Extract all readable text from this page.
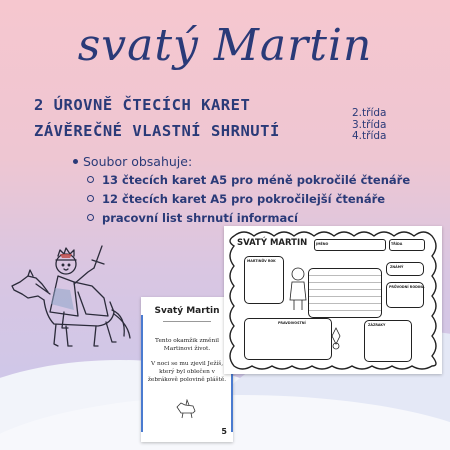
svatý Martin
2 ÚROVNĚ ČTECÍCH KARET
ZÁVĚREČNÉ VLASTNÍ SHRNUTÍ
2.třída
3.třída
4.třída
Soubor obsahuje:
13 čtecích karet A5 pro méně pokročilé čtenáře
12 čtecích karet A5 pro pokročilejší čtenáře
pracovní list shrnutí informací
Svatý Martin
Tento okamžik změnil Martinovi život.
V noci se mu zjevil Ježíš, který byl oblečen v žebrákově polovině pláště.
5
SVATÝ MARTIN	JMÉNO	TŘÍDA
MARTINŮV ROK
ZNÁMÝ
PRŮVODNÍ RODINA
PRAVDIVOSTNÍ	ZÁZRAKY
